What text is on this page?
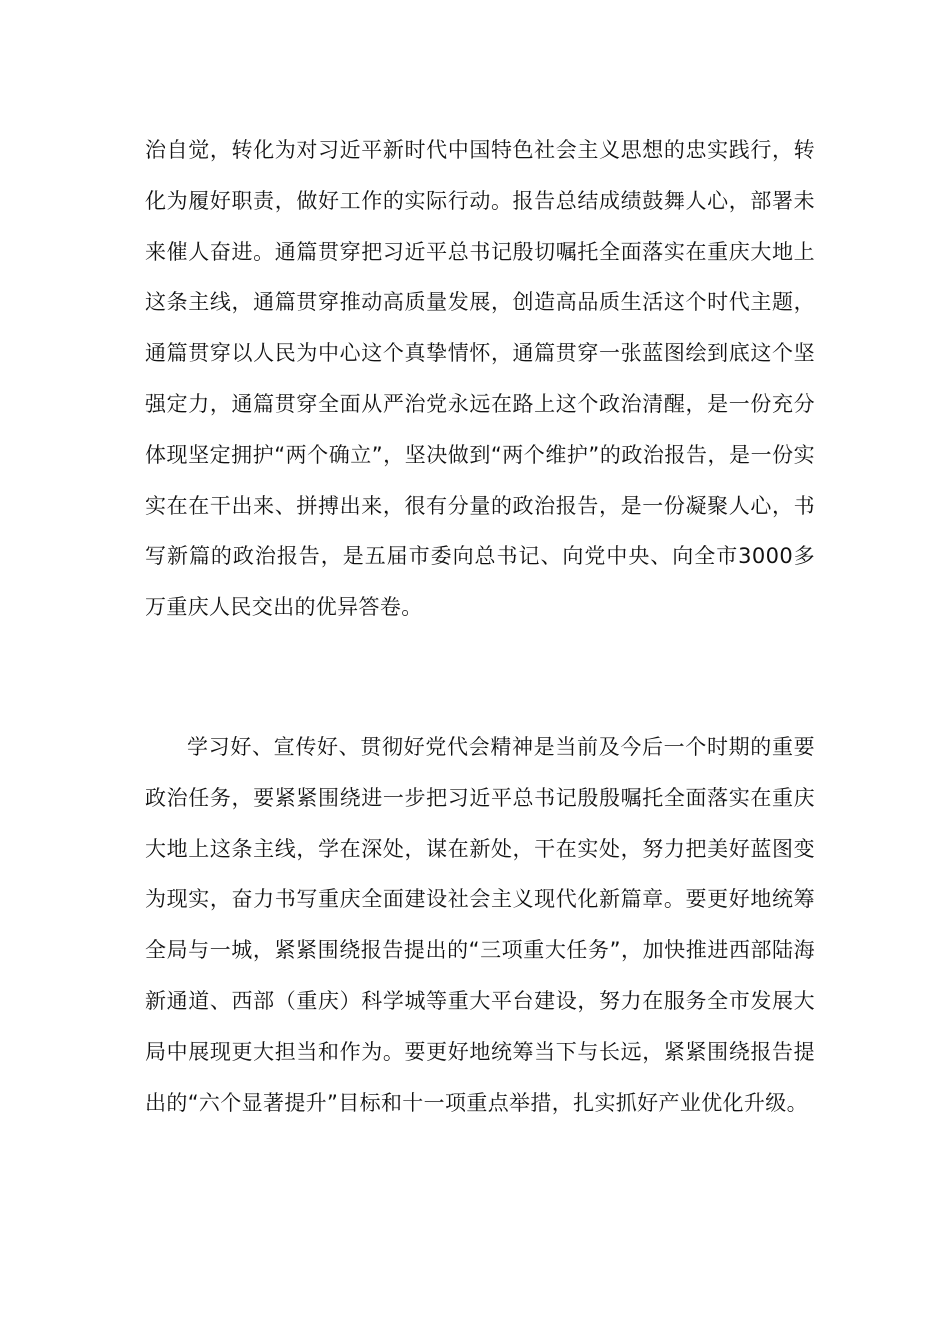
治自觉，转化为对习近平新时代中国特色社会主义思想的忠实践行，转化为履好职责，做好工作的实际行动。报告总结成绩鼓舞人心，部署未来催人奋进。通篇贯穿把习近平总书记殷切嘱托全面落实在重庆大地上这条主线，通篇贯穿推动高质量发展，创造高品质生活这个时代主题，通篇贯穿以人民为中心这个真挚情怀，通篇贯穿一张蓝图绘到底这个坚强定力，通篇贯穿全面从严治党永远在路上这个政治清醒，是一份充分体现坚定拥护“两个确立”，坚决做到“两个维护”的政治报告，是一份实实在在干出来、拼搏出来，很有分量的政治报告，是一份凝聚人心，书写新篇的政治报告，是五届市委向总书记、向党中央、向全市3000多万重庆人民交出的优异答卷。

学习好、宣传好、贯彻好党代会精神是当前及今后一个时期的重要政治任务，要紧紧围绕进一步把习近平总书记殷殷嘱托全面落实在重庆大地上这条主线，学在深处，谋在新处，干在实处，努力把美好蓝图变为现实，奋力书写重庆全面建设社会主义现代化新篇章。要更好地统筹全局与一城，紧紧围绕报告提出的“三项重大任务”，加快推进西部陆海新通道、西部（重庆）科学城等重大平台建设，努力在服务全市发展大局中展现更大担当和作为。要更好地统筹当下与长远，紧紧围绕报告提出的“六个显著提升”目标和十一项重点举措，扎实抓好产业优化升级。
